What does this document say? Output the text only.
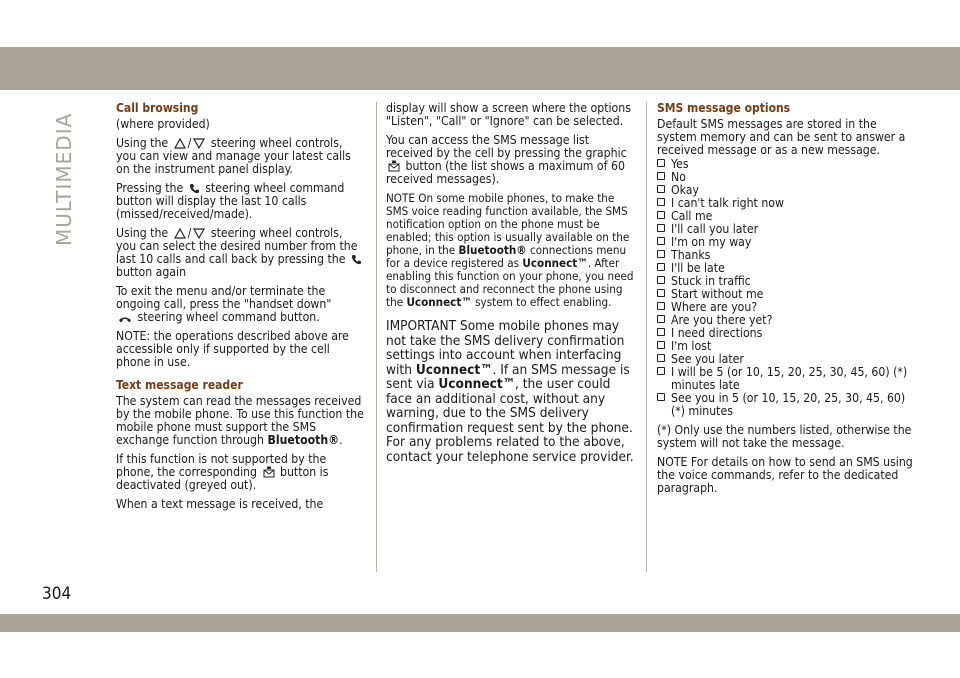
MULTIMEDIA
304
Call browsing

(where provided)

Using the / steering wheel controls, you can view and manage your latest calls on the instrument panel display.

Pressing the steering wheel command button will display the last 10 calls (missed/received/made).

Using the / steering wheel controls, you can select the desired number from the last 10 calls and call back by pressing the  button again

To exit the menu and/or terminate the ongoing call, press the "handset down"
steering wheel command button.

NOTE: the operations described above are accessible only if supported by the cell phone in use.

Text message reader

The system can read the messages received by the mobile phone. To use this function the mobile phone must support the SMS exchange function through Bluetooth®.

If this function is not supported by the phone, the corresponding button is deactivated (greyed out).

When a text message is received, the

display will show a screen where the options "Listen", "Call" or "Ignore" can be selected.

You can access the SMS message list received by the cell by pressing the graphic  button (the list shows a maximum of 60 received messages).

NOTE On some mobile phones, to make the SMS voice reading function available, the SMS notification option on the phone must be enabled; this option is usually available on the phone, in the Bluetooth® connections menu for a device registered as Uconnect™. After enabling this function on your phone, you need to disconnect and reconnect the phone using the Uconnect™ system to effect enabling.

IMPORTANT Some mobile phones may not take the SMS delivery confirmation settings into account when interfacing with Uconnect™. If an SMS message is sent via Uconnect™, the user could face an additional cost, without any warning, due to the SMS delivery confirmation request sent by the phone. For any problems related to the above, contact your telephone service provider.

SMS message options

Default SMS messages are stored in the system memory and can be sent to answer a received message or as a new message.

Yes
No
Okay
I can't talk right now
Call me
I'll call you later
I'm on my way
Thanks
I'll be late
Stuck in traffic
Start without me
Where are you?
Are you there yet?
I need directions
I'm lost
See you later
I will be 5 (or 10, 15, 20, 25, 30, 45, 60) (*) minutes late
See you in 5 (or 10, 15, 20, 25, 30, 45, 60) (*) minutes

(*) Only use the numbers listed, otherwise the system will not take the message.

NOTE For details on how to send an SMS using the voice commands, refer to the dedicated paragraph.
